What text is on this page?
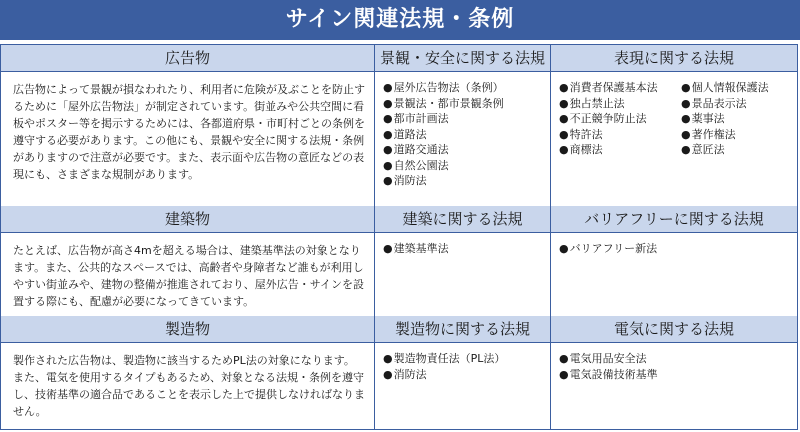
サイン関連法規・条例
広告物	景観・安全に関する法規	表現に関する法規
広告物によって景観が損なわれたり、利用者に危険が及ぶことを防止するために「屋外広告物法」が制定されています。街並みや公共空間に看板やポスター等を掲示するためには、各都道府県・市町村ごとの条例を遵守する必要があります。この他にも、景観や安全に関する法規・条例がありますので注意が必要です。また、表示面や広告物の意匠などの表現にも、さまざまな規制があります。
● 屋外広告物法（条例）
● 景観法・都市景観条例
● 都市計画法
● 道路法
● 道路交通法
● 自然公園法
● 消防法
● 消費者保護基本法
● 独占禁止法
● 不正競争防止法
● 特許法
● 商標法
● 個人情報保護法
● 景品表示法
● 薬事法
● 著作権法
● 意匠法
建築物	建築に関する法規	バリアフリーに関する法規
たとえば、広告物が高さ4mを超える場合は、建築基準法の対象となります。また、公共的なスペースでは、高齢者や身障者など誰もが利用しやすい街並みや、建物の整備が推進されており、屋外広告・サインを設置する際にも、配慮が必要になってきています。
● 建築基準法
●	バリアフリー新法
製造物	製造物に関する法規	電気に関する法規
製作された広告物は、製造物に該当するためPL法の対象になります。また、電気を使用するタイプもあるため、対象となる法規・条例を遵守し、技術基準の適合品であることを表示した上で提供しなければなりません。
● 製造物責任法（PL法）
● 消防法
● 電気用品安全法
● 電気設備技術基準
